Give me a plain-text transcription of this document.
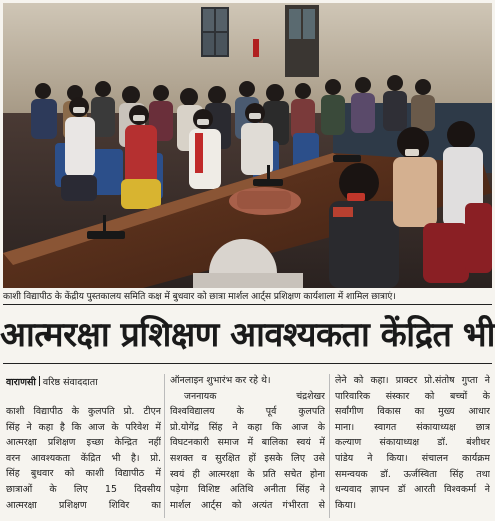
काशी विद्यापीठ के केंद्रीय पुस्तकालय समिति कक्ष में बुधवार को छात्रा मार्शल आर्ट्स प्रशिक्षण कार्यशाला में शामिल छात्राएं।
आत्मरक्षा प्रशिक्षण आवश्यकता केंद्रित भी
वाराणसी वरिष्ठ संवाददाता
काशी विद्यापीठ के कुलपति प्रो. टीएन
सिंह ने कहा है कि आज के परिवेश में
आत्मरक्षा प्रशिक्षण इच्छा केन्द्रित नहीं
वरन आवश्यकता केंद्रित भी है। प्रो.
सिंह बुधवार को काशी विद्यापीठ में
छात्राओं के लिए 15 दिवसीय
आत्मरक्षा प्रशिक्षण शिविर का
ऑनलाइन शुभारंभ कर रहे थे।
जननायक चंद्रशेखर
विश्वविद्यालय के पूर्व कुलपति
प्रो.योगेंद्र सिंह ने कहा कि आज के
विघटनकारी समाज में बालिका स्वयं में
सशक्त व सुरक्षित हों इसके लिए उसे
स्वयं ही आत्मरक्षा के प्रति सचेत होना
पड़ेगा विशिष्ट अतिथि अनीता सिंह ने
मार्शल आर्ट्स को अत्यंत गंभीरता से
लेने को कहा। प्राक्टर प्रो.संतोष गुप्ता ने
पारिवारिक संस्कार को बच्चों के
सर्वांगीण विकास का मुख्य आधार
माना। स्वागत संकायाध्यक्ष छात्र
कल्याण संकायाध्यक्ष डॉ. बंशीधर
पांडेय ने किया। संचालन कार्यक्रम
समन्वयक डॉ. ऊर्जस्विता सिंह तथा
धन्यवाद ज्ञापन डॉ आरती विश्वकर्मा ने
किया।
